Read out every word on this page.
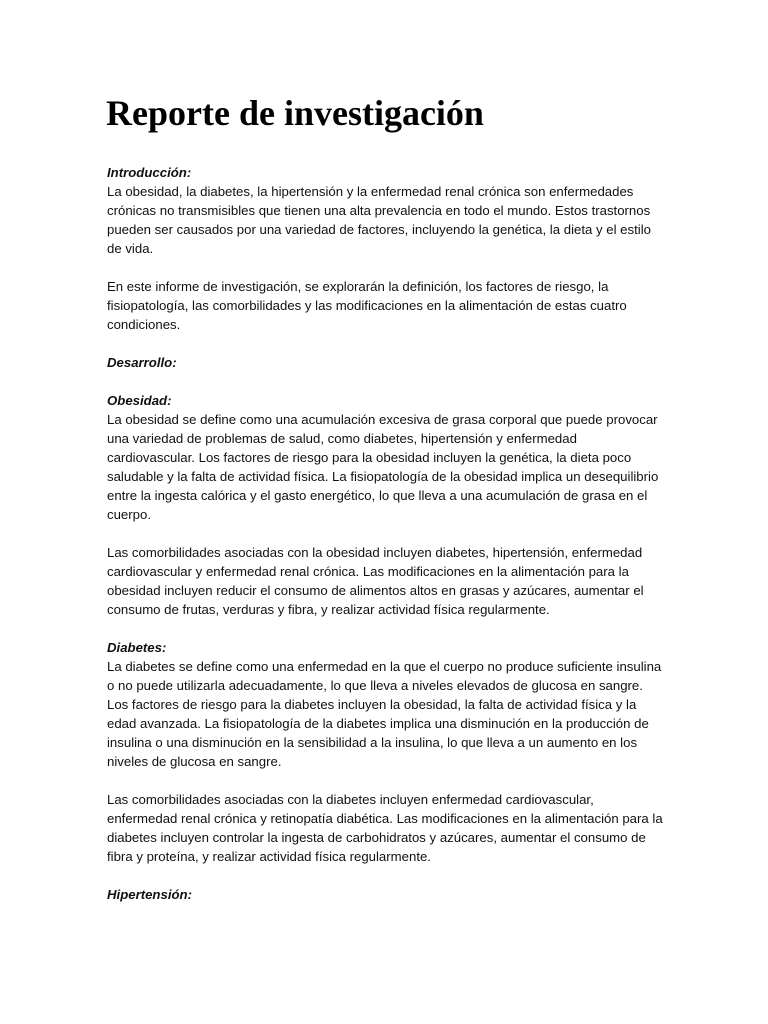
Reporte de investigación

Introducción:

La obesidad, la diabetes, la hipertensión y la enfermedad renal crónica son enfermedades crónicas no transmisibles que tienen una alta prevalencia en todo el mundo. Estos trastornos pueden ser causados por una variedad de factores, incluyendo la genética, la dieta y el estilo de vida.

En este informe de investigación, se explorarán la definición, los factores de riesgo, la fisiopatología, las comorbilidades y las modificaciones en la alimentación de estas cuatro condiciones.

Desarrollo:

Obesidad:

La obesidad se define como una acumulación excesiva de grasa corporal que puede provocar una variedad de problemas de salud, como diabetes, hipertensión y enfermedad cardiovascular. Los factores de riesgo para la obesidad incluyen la genética, la dieta poco saludable y la falta de actividad física. La fisiopatología de la obesidad implica un desequilibrio entre la ingesta calórica y el gasto energético, lo que lleva a una acumulación de grasa en el cuerpo.

Las comorbilidades asociadas con la obesidad incluyen diabetes, hipertensión, enfermedad cardiovascular y enfermedad renal crónica. Las modificaciones en la alimentación para la obesidad incluyen reducir el consumo de alimentos altos en grasas y azúcares, aumentar el consumo de frutas, verduras y fibra, y realizar actividad física regularmente.

Diabetes:

La diabetes se define como una enfermedad en la que el cuerpo no produce suficiente insulina o no puede utilizarla adecuadamente, lo que lleva a niveles elevados de glucosa en sangre. Los factores de riesgo para la diabetes incluyen la obesidad, la falta de actividad física y la edad avanzada. La fisiopatología de la diabetes implica una disminución en la producción de insulina o una disminución en la sensibilidad a la insulina, lo que lleva a un aumento en los niveles de glucosa en sangre.

Las comorbilidades asociadas con la diabetes incluyen enfermedad cardiovascular, enfermedad renal crónica y retinopatía diabética. Las modificaciones en la alimentación para la diabetes incluyen controlar la ingesta de carbohidratos y azúcares, aumentar el consumo de fibra y proteína, y realizar actividad física regularmente.

Hipertensión:
